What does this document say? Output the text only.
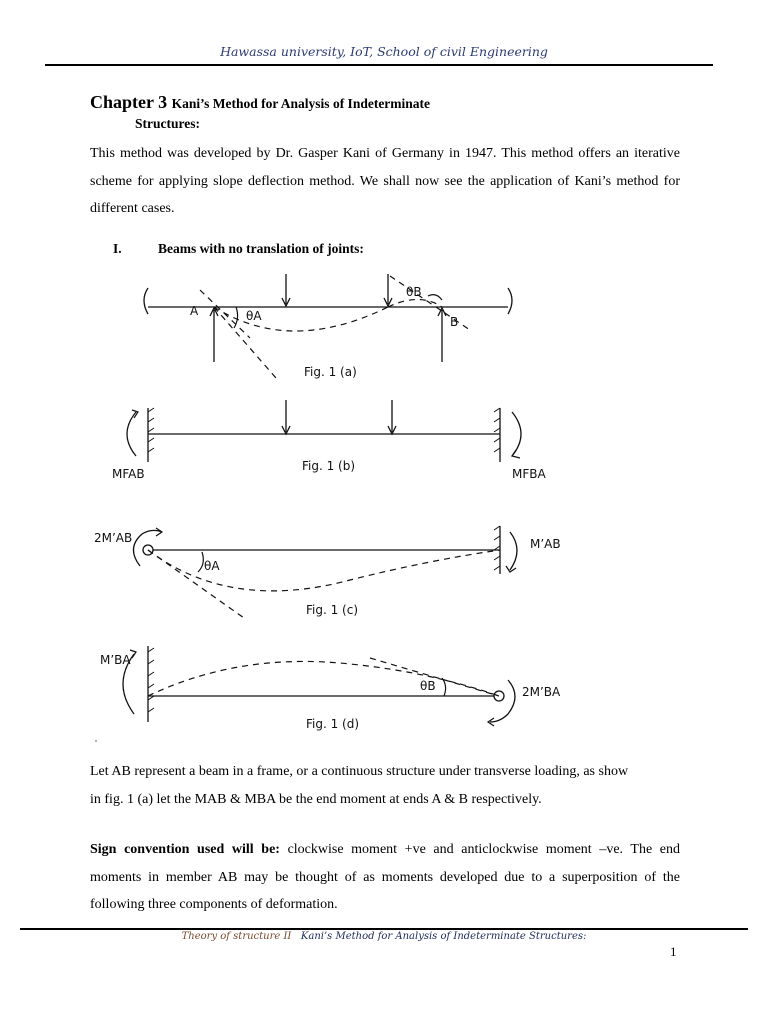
Hawassa university, IoT, School of civil Engineering
Chapter 3 Kani’s Method for Analysis of Indeterminate
Structures:
This method was developed by Dr. Gasper Kani of Germany in 1947. This method offers an iterative scheme for applying slope deflection method. We shall now see the application of Kani’s method for different cases.
I.	Beams with no translation of joints:
A
B
θA
θB
Fig. 1 (a)
MFAB	MFBA
Fig. 1 (b)
2M’AB	M’AB
θA
Fig. 1 (c)
M’BA
2M’BA
θB
Fig. 1 (d)
Let AB represent a beam in a frame, or a continuous structure under transverse loading, as show
in fig. 1 (a) let the MAB & MBA be the end moment at ends A & B respectively.
Sign convention used will be: clockwise moment +ve and anticlockwise moment –ve. The end moments in member AB may be thought of as moments developed due to a superposition of the following three components of deformation.
Theory of structure II Kani’s Method for Analysis of Indeterminate Structures:
1
